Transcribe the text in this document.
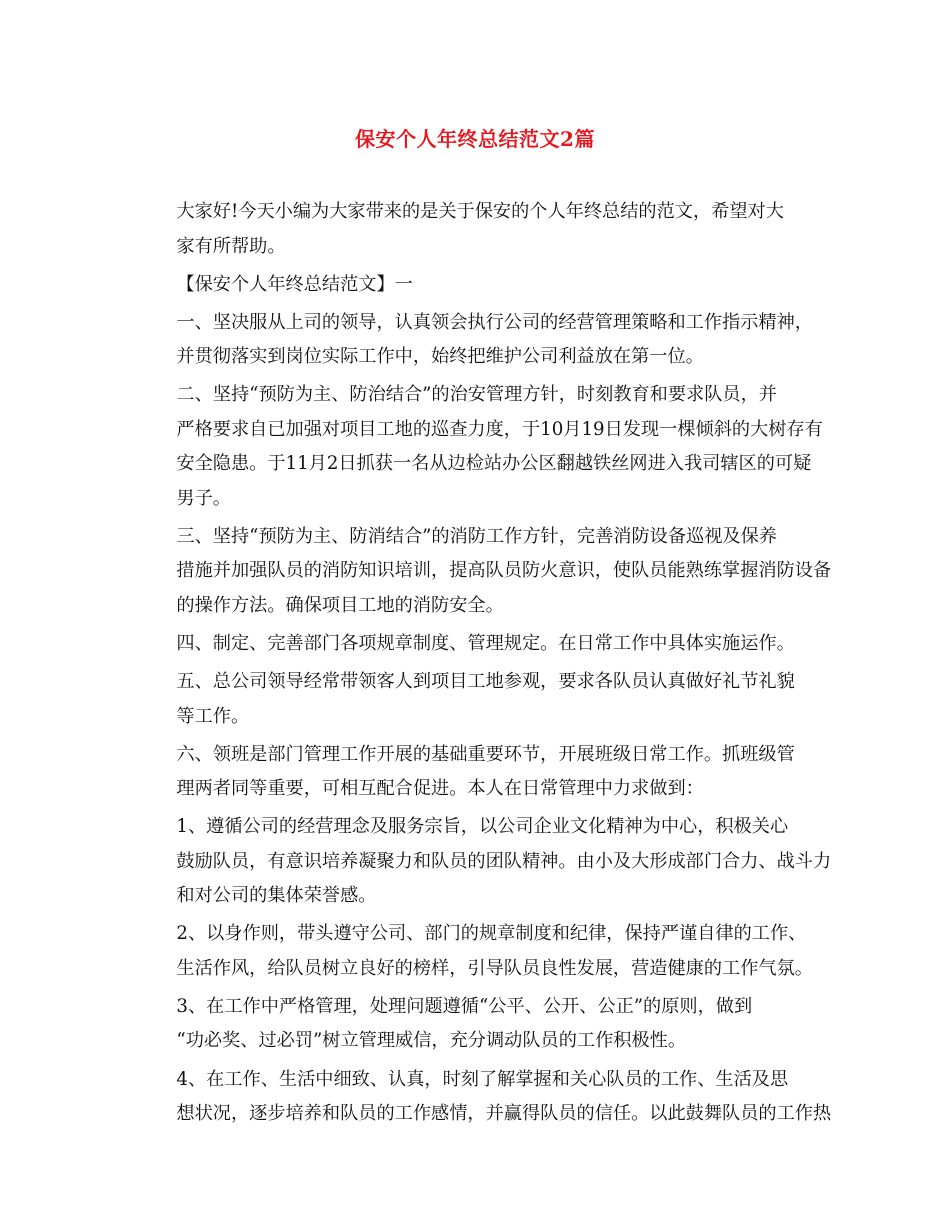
保安个人年终总结范文2篇

大家好!今天小编为大家带来的是关于保安的个人年终总结的范文，希望对大
家有所帮助。

【保安个人年终总结范文】一

一、坚决服从上司的领导，认真领会执行公司的经营管理策略和工作指示精神，
并贯彻落实到岗位实际工作中，始终把维护公司利益放在第一位。

二、坚持“预防为主、防治结合”的治安管理方针，时刻教育和要求队员，并
严格要求自已加强对项目工地的巡查力度，于10月19日发现一棵倾斜的大树存有
安全隐患。于11月2日抓获一名从边检站办公区翻越铁丝网进入我司辖区的可疑
男子。

三、坚持“预防为主、防消结合”的消防工作方针，完善消防设备巡视及保养
措施并加强队员的消防知识培训，提高队员防火意识，使队员能熟练掌握消防设备
的操作方法。确保项目工地的消防安全。

四、制定、完善部门各项规章制度、管理规定。在日常工作中具体实施运作。

五、总公司领导经常带领客人到项目工地参观，要求各队员认真做好礼节礼貌
等工作。

六、领班是部门管理工作开展的基础重要环节，开展班级日常工作。抓班级管
理两者同等重要，可相互配合促进。本人在日常管理中力求做到：

1、遵循公司的经营理念及服务宗旨，以公司企业文化精神为中心，积极关心
鼓励队员，有意识培养凝聚力和队员的团队精神。由小及大形成部门合力、战斗力
和对公司的集体荣誉感。

2、以身作则，带头遵守公司、部门的规章制度和纪律，保持严谨自律的工作、
生活作风，给队员树立良好的榜样，引导队员良性发展，营造健康的工作气氛。

3、在工作中严格管理，处理问题遵循“公平、公开、公正”的原则，做到
“功必奖、过必罚”树立管理威信，充分调动队员的工作积极性。

4、在工作、生活中细致、认真，时刻了解掌握和关心队员的工作、生活及思
想状况，逐步培养和队员的工作感情，并赢得队员的信任。以此鼓舞队员的工作热
